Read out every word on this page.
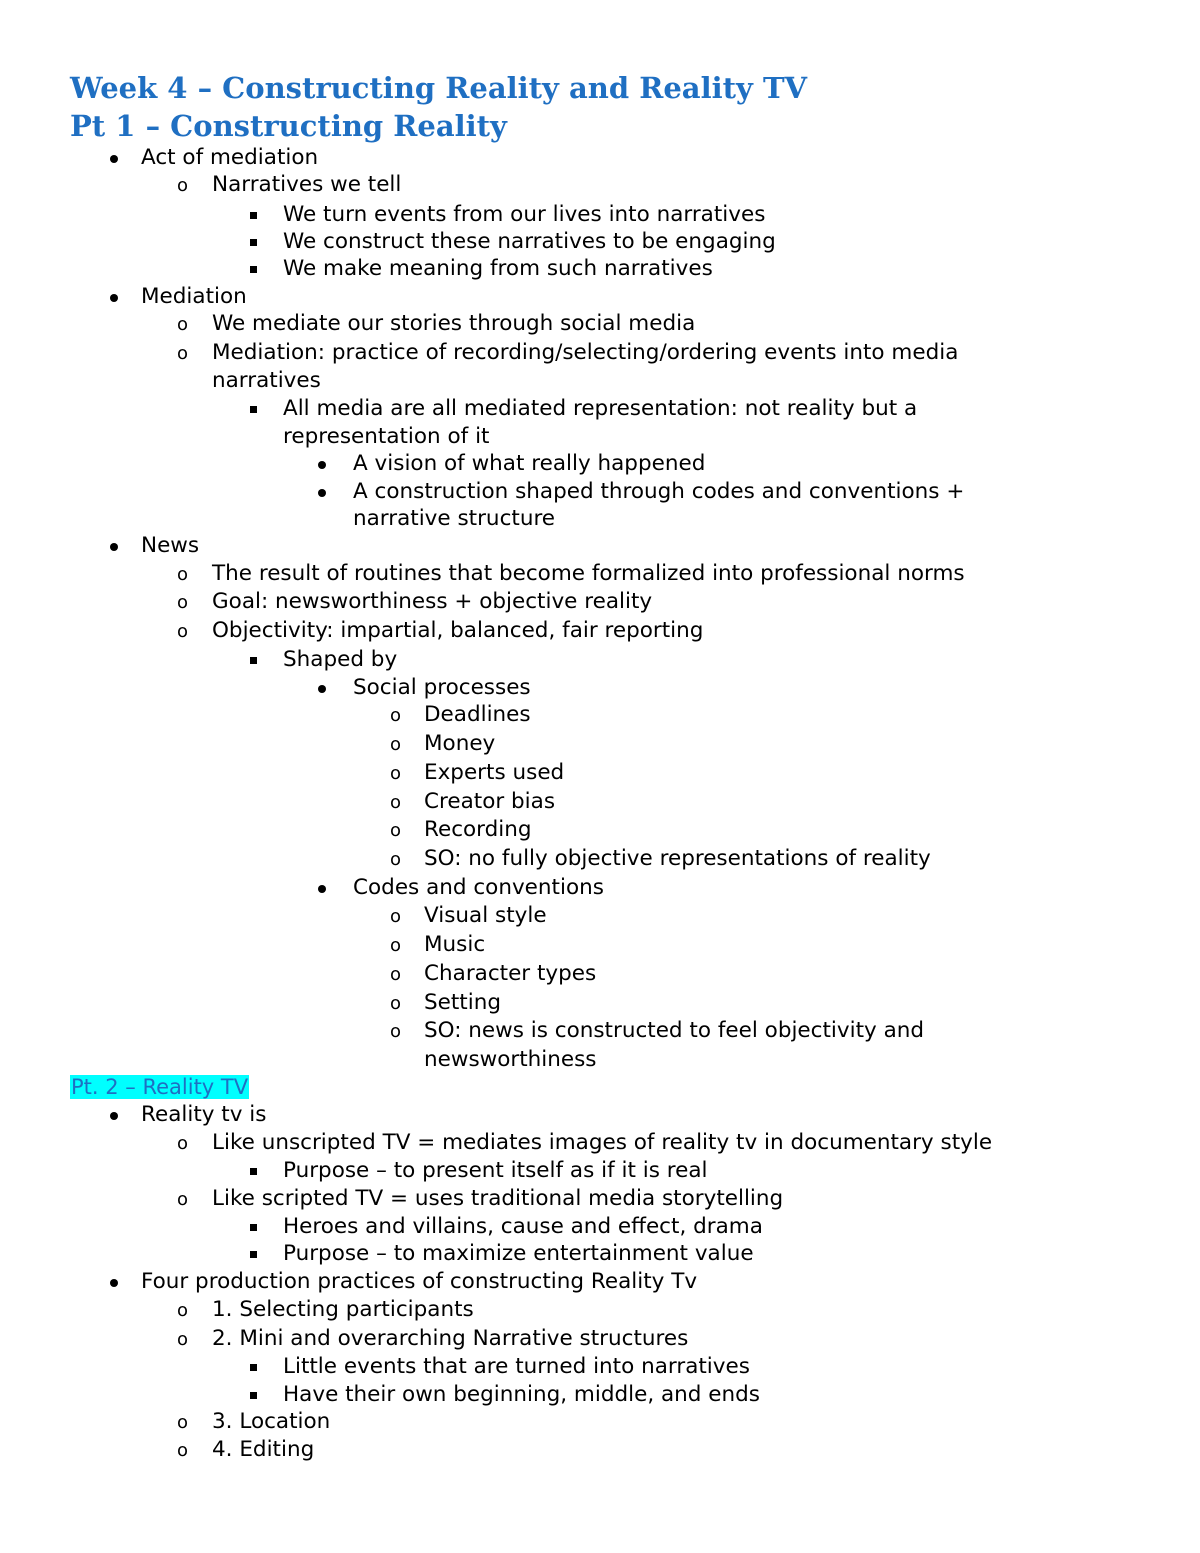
Week 4 – Constructing Reality and Reality TV
Pt 1 – Constructing Reality
Act of mediation
o Narratives we tell
We turn events from our lives into narratives
We construct these narratives to be engaging
We make meaning from such narratives
Mediation
o We mediate our stories through social media
o Mediation: practice of recording/selecting/ordering events into media
narratives
All media are all mediated representation: not reality but a
representation of it
A vision of what really happened
A construction shaped through codes and conventions +
narrative structure
News
o The result of routines that become formalized into professional norms
o Goal: newsworthiness + objective reality
o Objectivity: impartial, balanced, fair reporting
Shaped by
Social processes
o Deadlines
o Money
o Experts used
o Creator bias
o Recording
o SO: no fully objective representations of reality
Codes and conventions
o Visual style
o Music
o Character types
o Setting
o SO: news is constructed to feel objectivity and
newsworthiness
Pt. 2 – Reality TV
Reality tv is
o Like unscripted TV = mediates images of reality tv in documentary style
Purpose – to present itself as if it is real
o Like scripted TV = uses traditional media storytelling
Heroes and villains, cause and effect, drama
Purpose – to maximize entertainment value
Four production practices of constructing Reality Tv
o 1. Selecting participants
o 2. Mini and overarching Narrative structures
Little events that are turned into narratives
Have their own beginning, middle, and ends
o 3. Location
o 4. Editing
